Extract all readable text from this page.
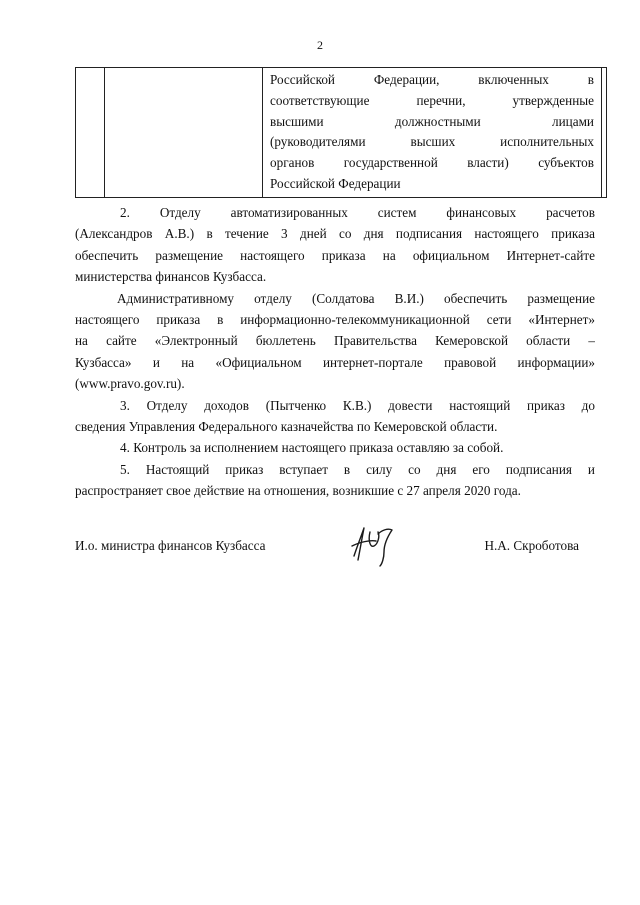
2
Российской Федерации, включенных в
соответствующие перечни, утвержденные
высшими должностными лицами
(руководителями высших исполнительных
органов государственной власти) субъектов
Российской Федерации
2. Отделу автоматизированных систем финансовых расчетов
(Александров А.В.) в течение 3 дней со дня подписания настоящего приказа
обеспечить размещение настоящего приказа на официальном Интернет-сайте
министерства финансов Кузбасса.
Административному отделу (Солдатова В.И.) обеспечить размещение
настоящего приказа в информационно-телекоммуникационной сети «Интернет»
на сайте «Электронный бюллетень Правительства Кемеровской области –
Кузбасса» и на «Официальном интернет-портале правовой информации»
(www.pravo.gov.ru).
3. Отделу доходов (Пытченко К.В.) довести настоящий приказ до
сведения Управления Федерального казначейства по Кемеровской области.
4. Контроль за исполнением настоящего приказа оставляю за собой.
5. Настоящий приказ вступает в силу со дня его подписания и
распространяет свое действие на отношения, возникшие с 27 апреля 2020 года.
И.о. министра финансов Кузбасса	Н.А. Скроботова
